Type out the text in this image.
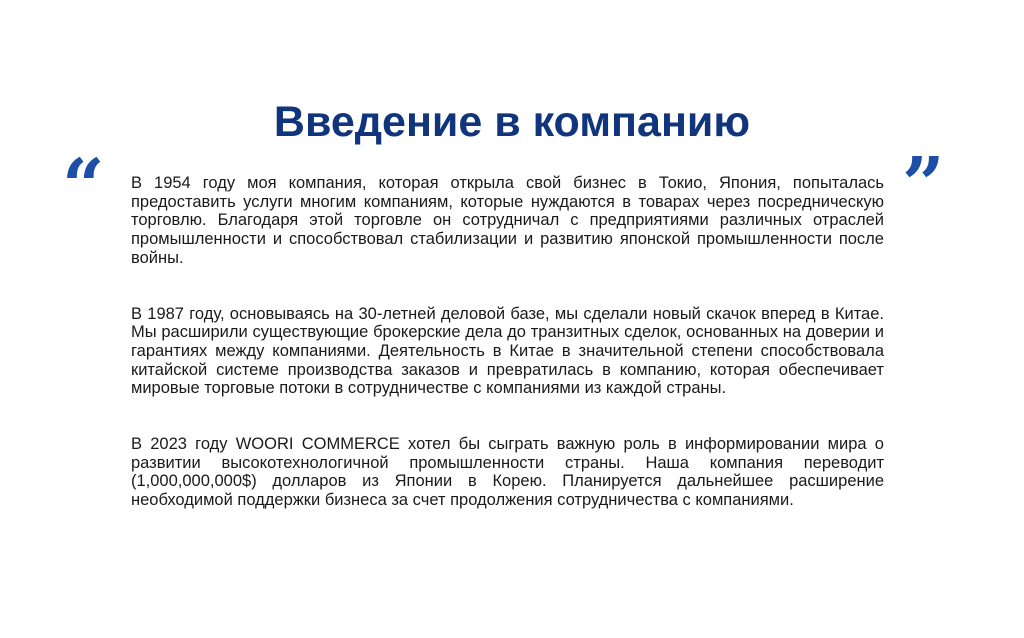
Введение в компанию
“	”

В 1954 году моя компания, которая открыла свой бизнес в Токио, Япония, попыталась предоставить услуги многим компаниям, которые нуждаются в товарах через посредническую торговлю. Благодаря этой торговле он сотрудничал с предприятиями различных отраслей промышленности и способствовал стабилизации и развитию японской промышленности после войны.

В 1987 году, основываясь на 30-летней деловой базе, мы сделали новый скачок вперед в Китае. Мы расширили существующие брокерские дела до транзитных сделок, основанных на доверии и гарантиях между компаниями. Деятельность в Китае в значительной степени способствовала китайской системе производства заказов и превратилась в компанию, которая обеспечивает мировые торговые потоки в сотрудничестве с компаниями из каждой страны.

В 2023 году WOORI COMMERCE хотел бы сыграть важную роль в информировании мира о развитии высокотехнологичной промышленности страны. Наша компания переводит (1,000,000,000$) долларов из Японии в Корею. Планируется дальнейшее расширение необходимой поддержки бизнеса за счет продолжения сотрудничества с компаниями.
